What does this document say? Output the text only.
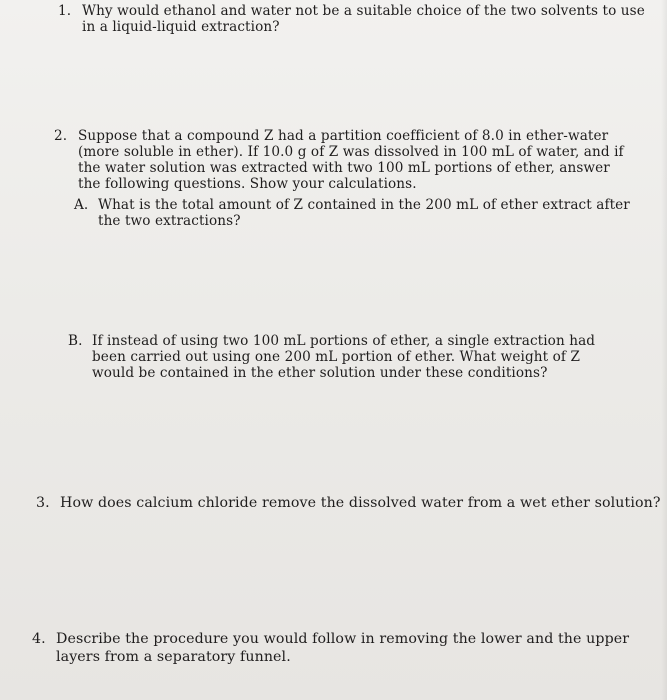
1. Why would ethanol and water not be a suitable choice of the two solvents to use
in a liquid-liquid extraction?
2. Suppose that a compound Z had a partition coefficient of 8.0 in ether-water
(more soluble in ether). If 10.0 g of Z was dissolved in 100 mL of water, and if
the water solution was extracted with two 100 mL portions of ether, answer
the following questions. Show your calculations.
A. What is the total amount of Z contained in the 200 mL of ether extract after
the two extractions?
B. If instead of using two 100 mL portions of ether, a single extraction had
been carried out using one 200 mL portion of ether. What weight of Z
would be contained in the ether solution under these conditions?
3. How does calcium chloride remove the dissolved water from a wet ether solution?
4. Describe the procedure you would follow in removing the lower and the upper
layers from a separatory funnel.
